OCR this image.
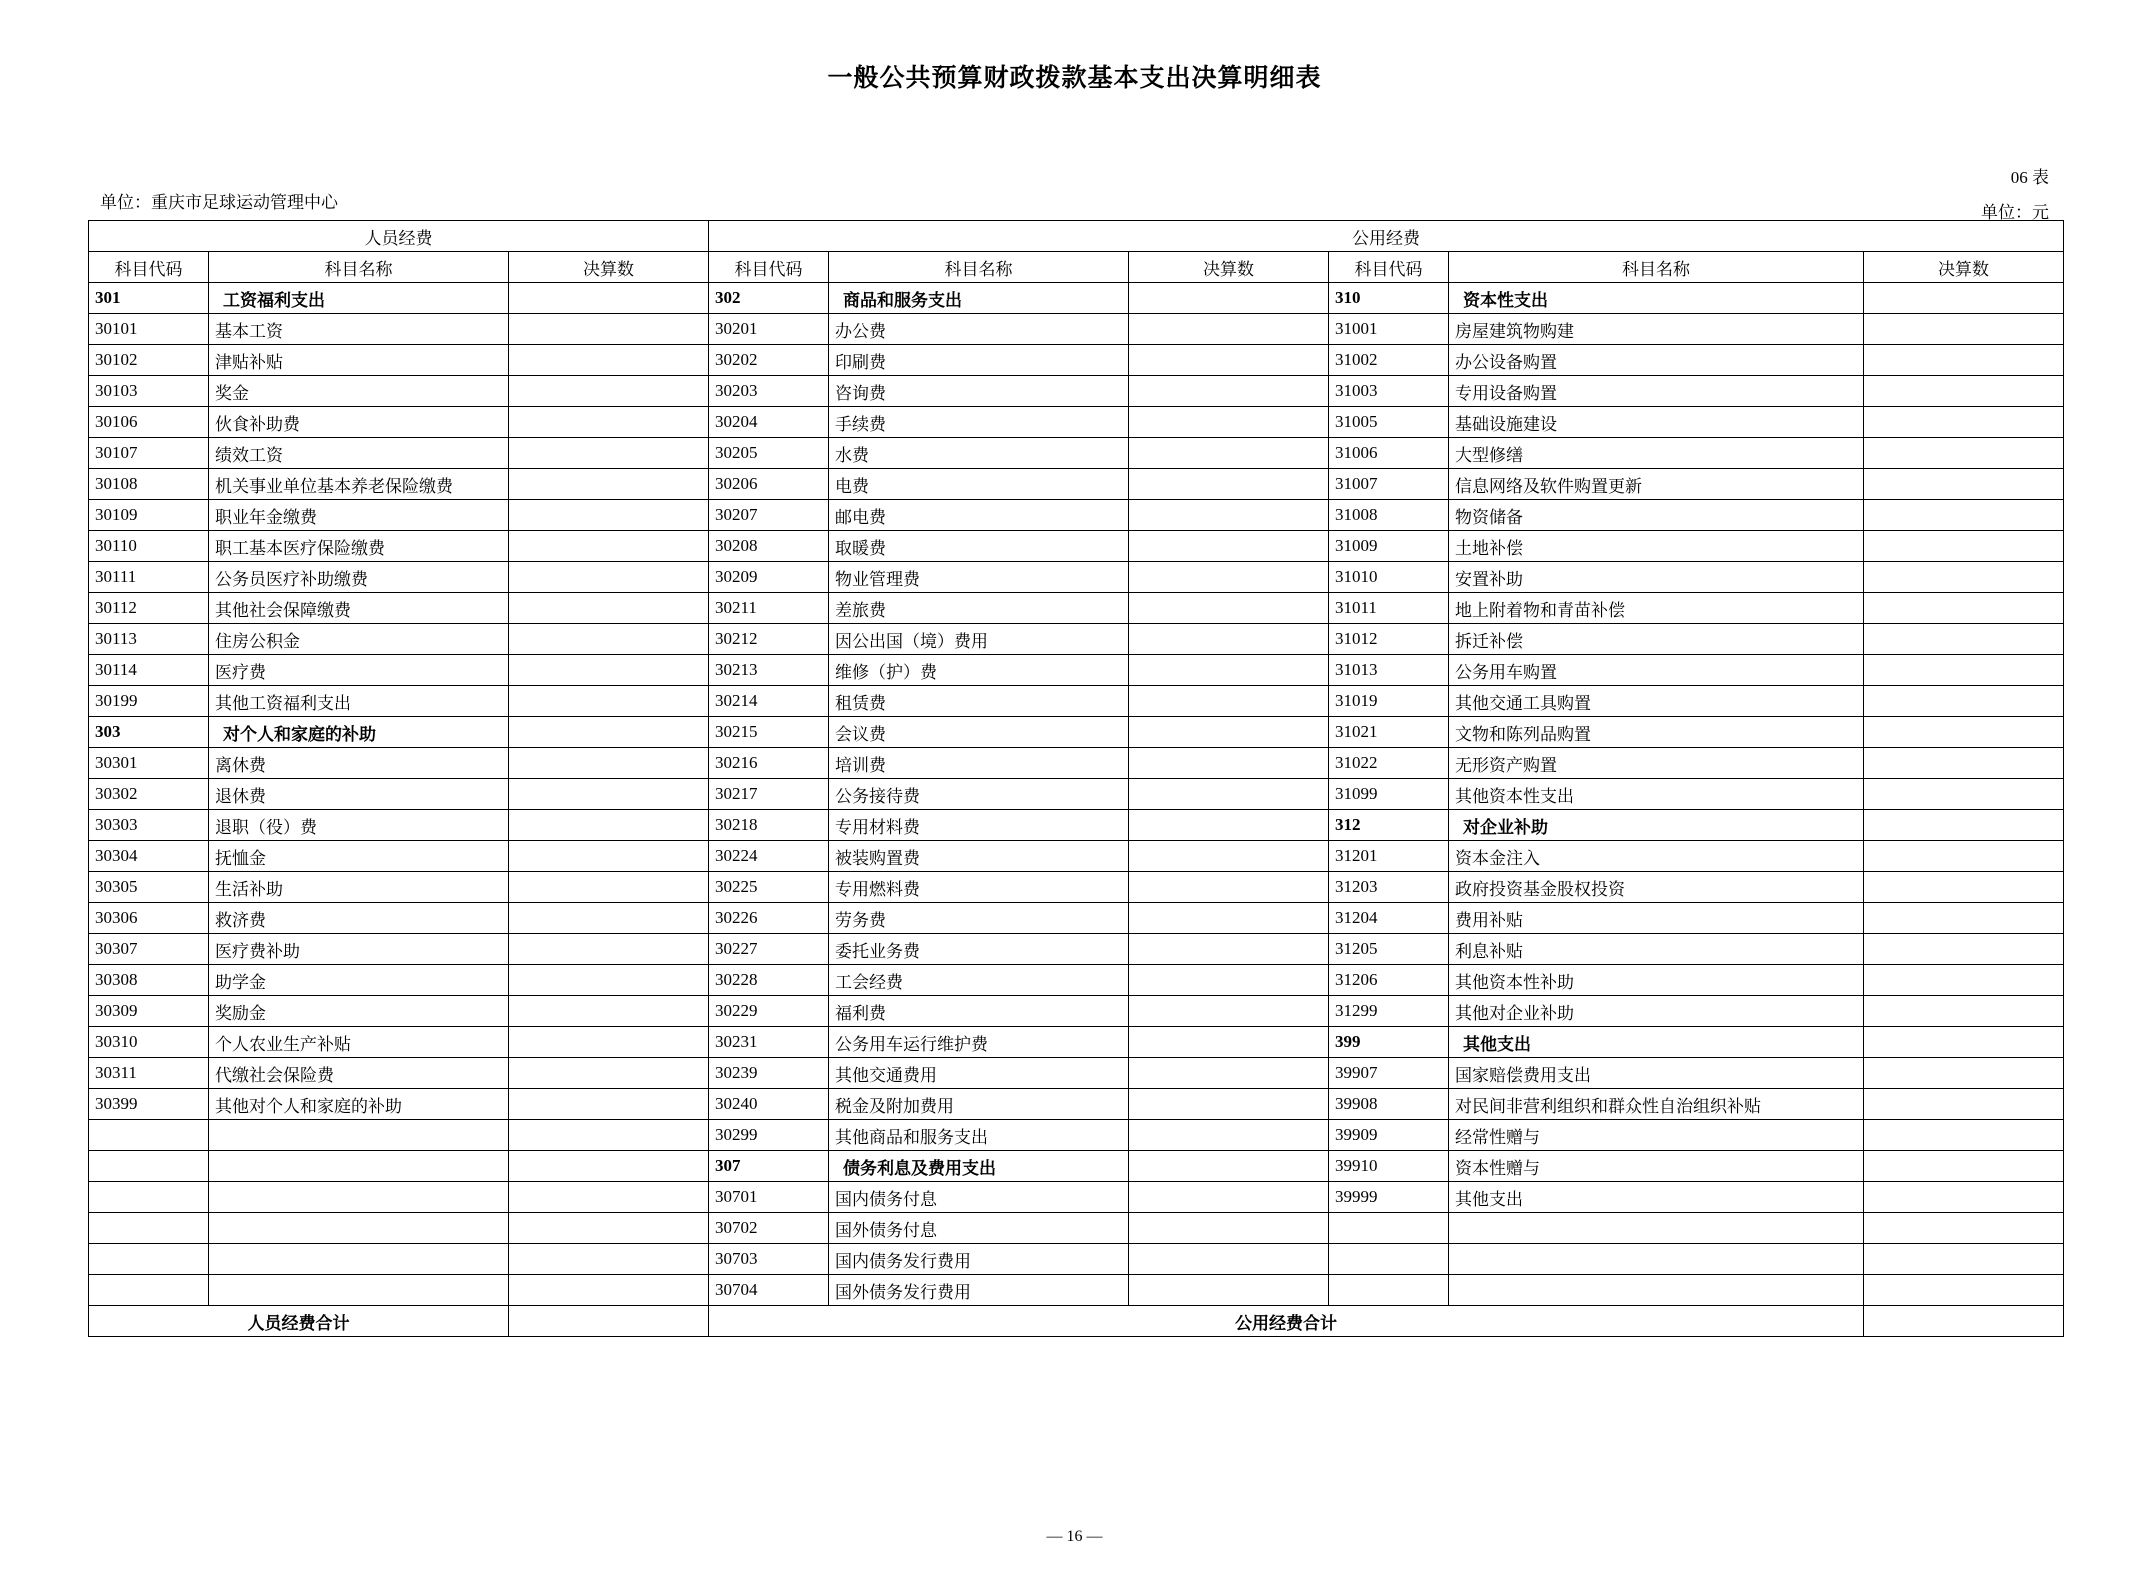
一般公共预算财政拨款基本支出决算明细表
06 表
单位：元
单位：重庆市足球运动管理中心
人员经费			公用经费					
科目代码	科目名称	决算数	科目代码	科目名称	决算数	科目代码	科目名称	决算数
301	工资福利支出		302	商品和服务支出		310	资本性支出	
30101	基本工资		30201	办公费		31001	房屋建筑物购建	
30102	津贴补贴		30202	印刷费		31002	办公设备购置	
30103	奖金		30203	咨询费		31003	专用设备购置	
30106	伙食补助费		30204	手续费		31005	基础设施建设	
30107	绩效工资		30205	水费		31006	大型修缮	
30108	机关事业单位基本养老保险缴费		30206	电费		31007	信息网络及软件购置更新	
30109	职业年金缴费		30207	邮电费		31008	物资储备	
30110	职工基本医疗保险缴费		30208	取暖费		31009	土地补偿	
30111	公务员医疗补助缴费		30209	物业管理费		31010	安置补助	
30112	其他社会保障缴费		30211	差旅费		31011	地上附着物和青苗补偿	
30113	住房公积金		30212	因公出国（境）费用		31012	拆迁补偿	
30114	医疗费		30213	维修（护）费		31013	公务用车购置	
30199	其他工资福利支出		30214	租赁费		31019	其他交通工具购置	
303	对个人和家庭的补助		30215	会议费		31021	文物和陈列品购置	
30301	离休费		30216	培训费		31022	无形资产购置	
30302	退休费		30217	公务接待费		31099	其他资本性支出	
30303	退职（役）费		30218	专用材料费		312	对企业补助	
30304	抚恤金		30224	被装购置费		31201	资本金注入	
30305	生活补助		30225	专用燃料费		31203	政府投资基金股权投资	
30306	救济费		30226	劳务费		31204	费用补贴	
30307	医疗费补助		30227	委托业务费		31205	利息补贴	
30308	助学金		30228	工会经费		31206	其他资本性补助	
30309	奖励金		30229	福利费		31299	其他对企业补助	
30310	个人农业生产补贴		30231	公务用车运行维护费		399	其他支出	
30311	代缴社会保险费		30239	其他交通费用		39907	国家赔偿费用支出	
30399	其他对个人和家庭的补助		30240	税金及附加费用		39908	对民间非营利组织和群众性自治组织补贴	
			30299	其他商品和服务支出		39909	经常性赠与	
			307	债务利息及费用支出		39910	资本性赠与	
			30701	国内债务付息		39999	其他支出	
			30702	国外债务付息				
			30703	国内债务发行费用				
			30704	国外债务发行费用				
人员经费合计			公用经费合计					
— 16 —
